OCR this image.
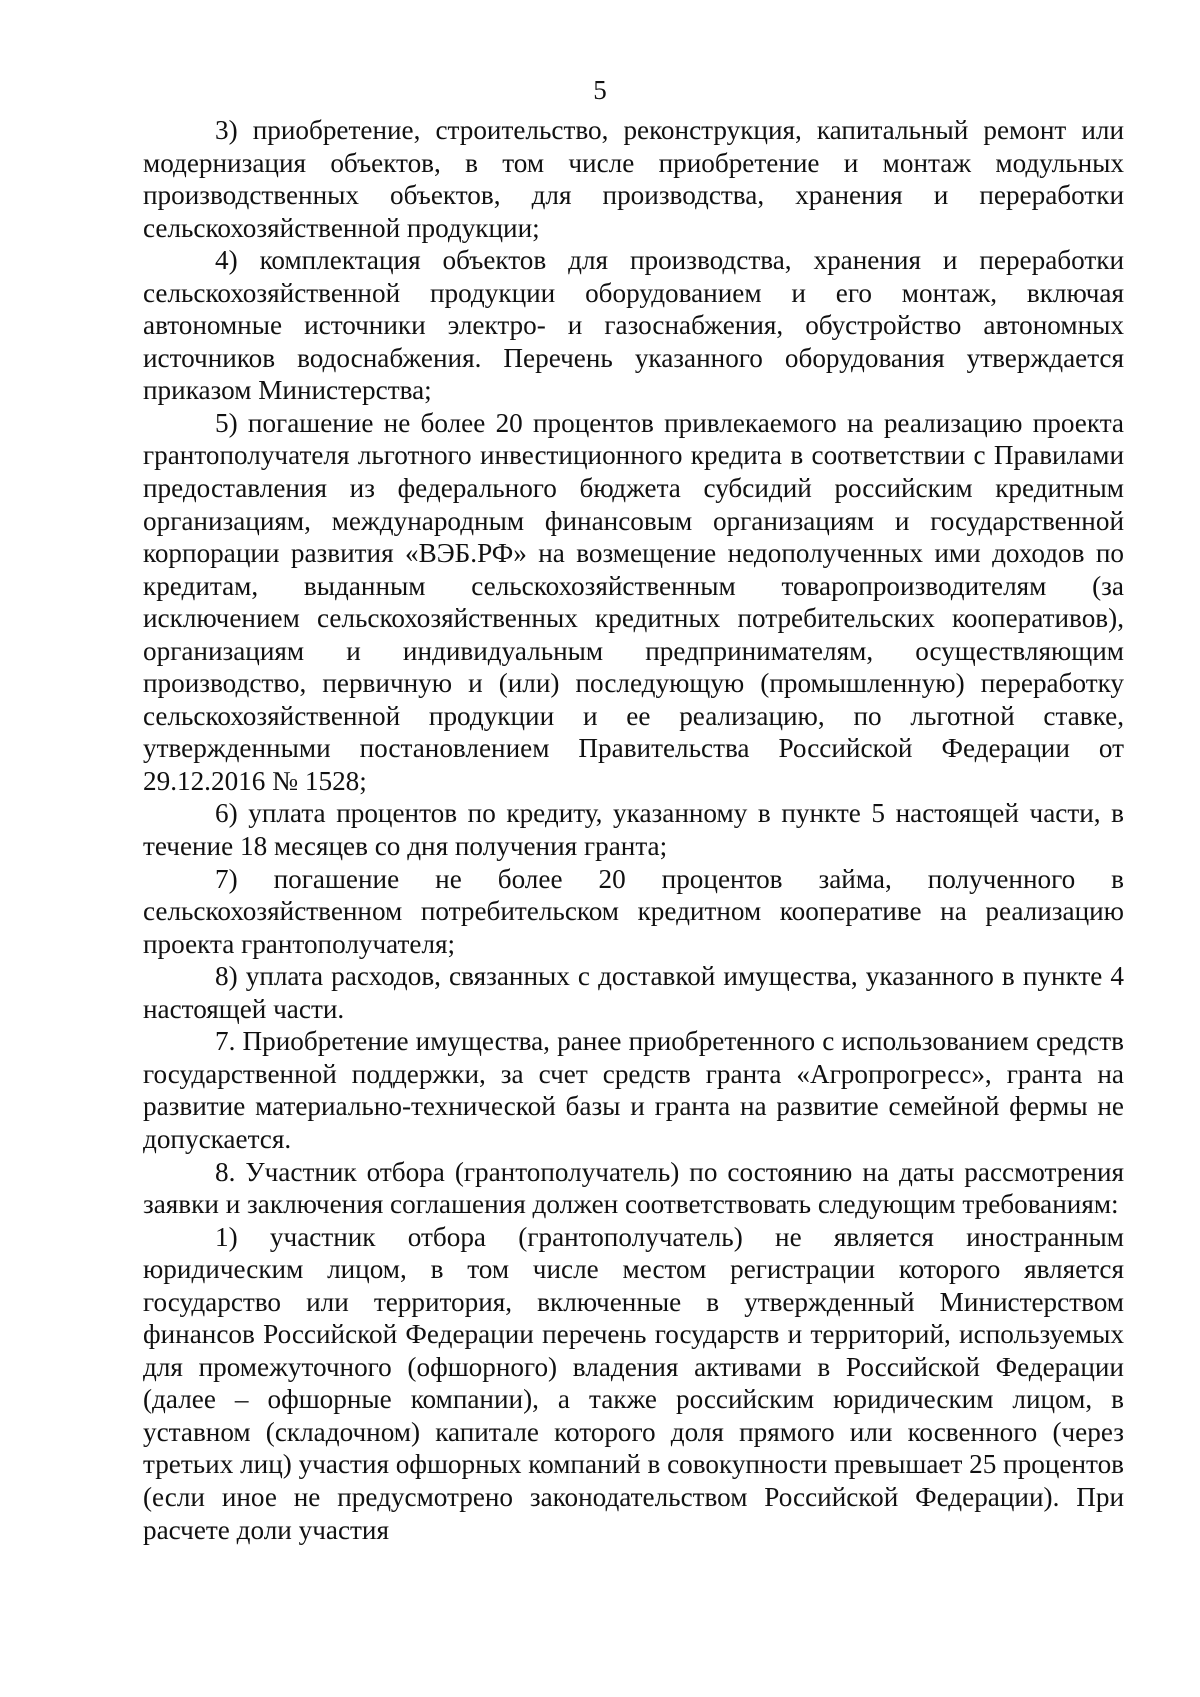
5

3) приобретение, строительство, реконструкция, капитальный ремонт или модернизация объектов, в том числе приобретение и монтаж модульных производственных объектов, для производства, хранения и переработки сельскохозяйственной продукции;

4) комплектация объектов для производства, хранения и переработки сельскохозяйственной продукции оборудованием и его монтаж, включая автономные источники электро- и газоснабжения, обустройство автономных источников водоснабжения. Перечень указанного оборудования утверждается приказом Министерства;

5) погашение не более 20 процентов привлекаемого на реализацию проекта грантополучателя льготного инвестиционного кредита в соответствии с Правилами предоставления из федерального бюджета субсидий российским кредитным организациям, международным финансовым организациям и государственной корпорации развития «ВЭБ.РФ» на возмещение недополученных ими доходов по кредитам, выданным сельскохозяйственным товаропроизводителям (за исключением сельскохозяйственных кредитных потребительских кооперативов), организациям и индивидуальным предпринимателям, осуществляющим производство, первичную и (или) последующую (промышленную) переработку сельскохозяйственной продукции и ее реализацию, по льготной ставке, утвержденными постановлением Правительства Российской Федерации от 29.12.2016 № 1528;

6) уплата процентов по кредиту, указанному в пункте 5 настоящей части, в течение 18 месяцев со дня получения гранта;

7) погашение не более 20 процентов займа, полученного в сельскохозяйственном потребительском кредитном кооперативе на реализацию проекта грантополучателя;

8) уплата расходов, связанных с доставкой имущества, указанного в пункте 4 настоящей части.

7. Приобретение имущества, ранее приобретенного с использованием средств государственной поддержки, за счет средств гранта «Агропрогресс», гранта на развитие материально-технической базы и гранта на развитие семейной фермы не допускается.

8. Участник отбора (грантополучатель) по состоянию на даты рассмотрения заявки и заключения соглашения должен соответствовать следующим требованиям:

1) участник отбора (грантополучатель) не является иностранным юридическим лицом, в том числе местом регистрации которого является государство или территория, включенные в утвержденный Министерством финансов Российской Федерации перечень государств и территорий, используемых для промежуточного (офшорного) владения активами в Российской Федерации (далее – офшорные компании), а также российским юридическим лицом, в уставном (складочном) капитале которого доля прямого или косвенного (через третьих лиц) участия офшорных компаний в совокупности превышает 25 процентов (если иное не предусмотрено законодательством Российской Федерации). При расчете доли участия
